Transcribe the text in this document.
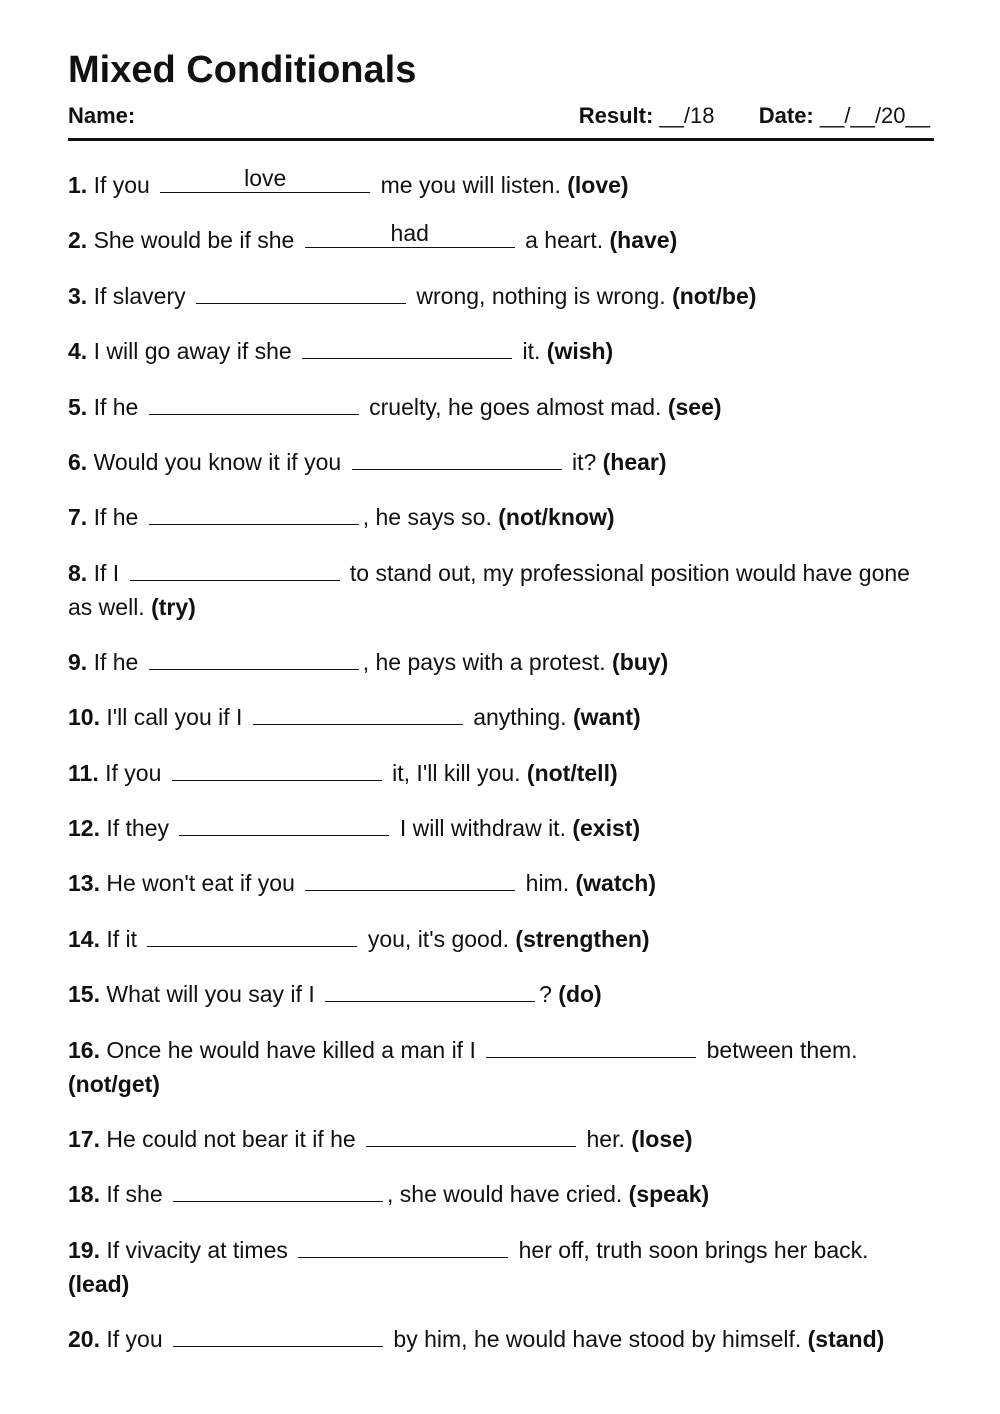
Mixed Conditionals
Name:	Result: __/18 Date: __/__/20__
1. If you	love	me you will listen. (love)
2. She would be if she	had	a heart. (have)
3. If slavery	wrong, nothing is wrong. (not/be)
4. I will go away if she	it. (wish)
5. If he	cruelty, he goes almost mad. (see)
6. Would you know it if you	it? (hear)
7. If he	, he says so. (not/know)
8. If I	to stand out, my professional position would have gone as well. (try)
9. If he	, he pays with a protest. (buy)
10. I'll call you if I	anything. (want)
11. If you	it, I'll kill you. (not/tell)
12. If they	I will withdraw it. (exist)
13. He won't eat if you	him. (watch)
14. If it	you, it's good. (strengthen)
15. What will you say if I	? (do)
16. Once he would have killed a man if I	between them. (not/get)
17. He could not bear it if he	her. (lose)
18. If she	, she would have cried. (speak)
19. If vivacity at times	her off, truth soon brings her back. (lead)
20. If you	by him, he would have stood by himself. (stand)
